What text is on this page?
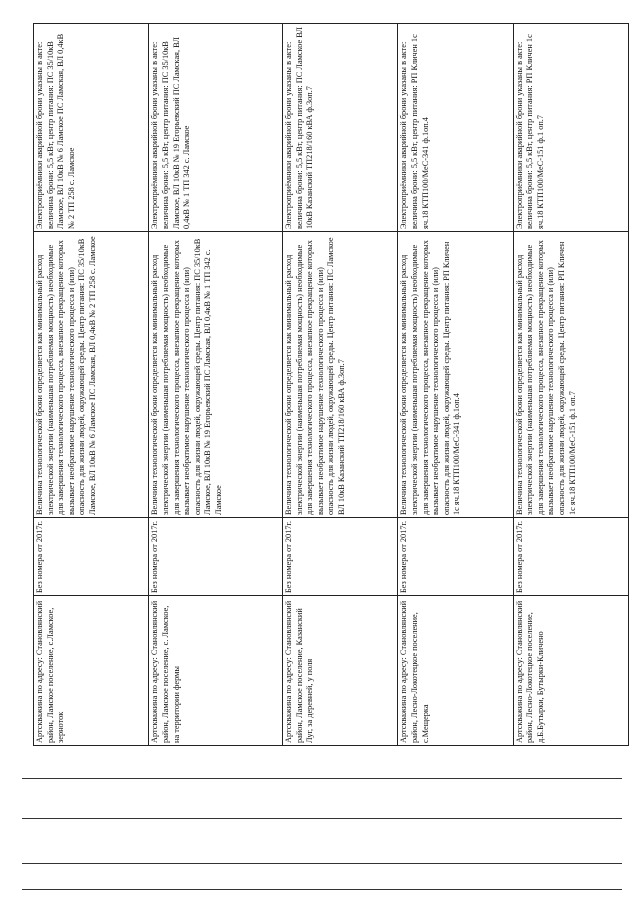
Артскважина по адресу: Становлянский район, Ламское поселение, с.Ламское, зерноток	Без номера от 2017г.	Величина технологической брони определяется как минимальный расход электрической энергии (наименьшая потребляемая мощность) необходимые для завершения технологического процесса, внезапное прекращение которых вызывает необратимое нарушение технологического процесса и (или) опасность для жизни людей, окружающей среды. Центр питания: ПС 35/10кВ Ламское, ВЛ 10кВ № 6 Ламское ПС Ламская, ВЛ 0,4кВ № 2 ТП 258 с. Ламское	Электроприёмники аварийной брони указаны в акте: величина брони: 5,5 кВт, центр питания: ПС 35/10кВ Ламское, ВЛ 10кВ № 6 Ламское ПС Ламская, ВЛ 0,4кВ № 2 ТП 258 с. Ламское
Артскважина по адресу: Становлянский район, Ламское поселение, с. Ламское, на территории фермы	Без номера от 2017г.	Величина технологической брони определяется как минимальный расход электрической энергии (наименьшая потребляемая мощность) необходимые для завершения технологического процесса, внезапное прекращение которых вызывает необратимое нарушение технологического процесса и (или) опасность для жизни людей, окружающей среды. Центр питания: ПС 35/10кВ Ламское, ВЛ 10кВ № 19 Егорьевский ПС Ламская, ВЛ 0,4кВ № 1 ТП 342 с. Ламское	Электроприёмники аварийной брони указаны в акте: величина брони: 5,5 кВт, центр питания: ПС 35/10кВ Ламское, ВЛ 10кВ № 19 Егорьевский ПС Ламская, ВЛ 0,4кВ № 1 ТП 342 с. Ламское
Артскважина по адресу: Становлянский район, Ламское поселение, Казанский Луг, за деревней, у поля	Без номера от 2017г.	Величина технологической брони определяется как минимальный расход электрической энергии (наименьшая потребляемая мощность) необходимые для завершения технологического процесса, внезапное прекращение которых вызывает необратимое нарушение технологического процесса и (или) опасность для жизни людей, окружающей среды. Центр питания: ПС Ламское ВЛ 10кВ Казанский ТП218/160 кВА ф.3оп.7	Электроприёмники аварийной брони указаны в акте: величина брони: 5,5 кВт, центр питания: ПС Ламское ВЛ 10кВ Казанский ТП218/160 кВА ф.3оп.7
Артскважина по адресу: Становлянский район, Лесно-Локотецкое поселение, с.Мещерка	Без номера от 2017г.	Величина технологической брони определяется как минимальный расход электрической энергии (наименьшая потребляемая мощность) необходимые для завершения технологического процесса, внезапное прекращение которых вызывает необратимое нарушение технологического процесса и (или) опасность для жизни людей, окружающей среды. Центр питания: РП Кличен 1с яч.18 КТП100/МеС-341 ф.1оп.4	Электроприёмники аварийной брони указаны в акте: величина брони: 5,5 кВт, центр питания: РП Кличен 1с яч.18 КТП100/МеС-341 ф.1оп.4
Артскважина по адресу: Становлянский район, Лесно-Локотецкое поселение, д.Б.Бутырки, Бутырки-Кличено	Без номера от 2017г.	Величина технологической брони определяется как минимальный расход электрической энергии (наименьшая потребляемая мощность) необходимые для завершения технологического процесса, внезапное прекращение которых вызывает необратимое нарушение технологического процесса и (или) опасность для жизни людей, окружающей среды. Центр питания: РП Кличен 1с яч.18 КТП100/МеС-151 ф.1 оп.7	Электроприёмники аварийной брони указаны в акте: величина брони: 5,5 кВт, центр питания: РП Кличен 1с яч.18 КТП100/МеС-151 ф.1 оп.7
